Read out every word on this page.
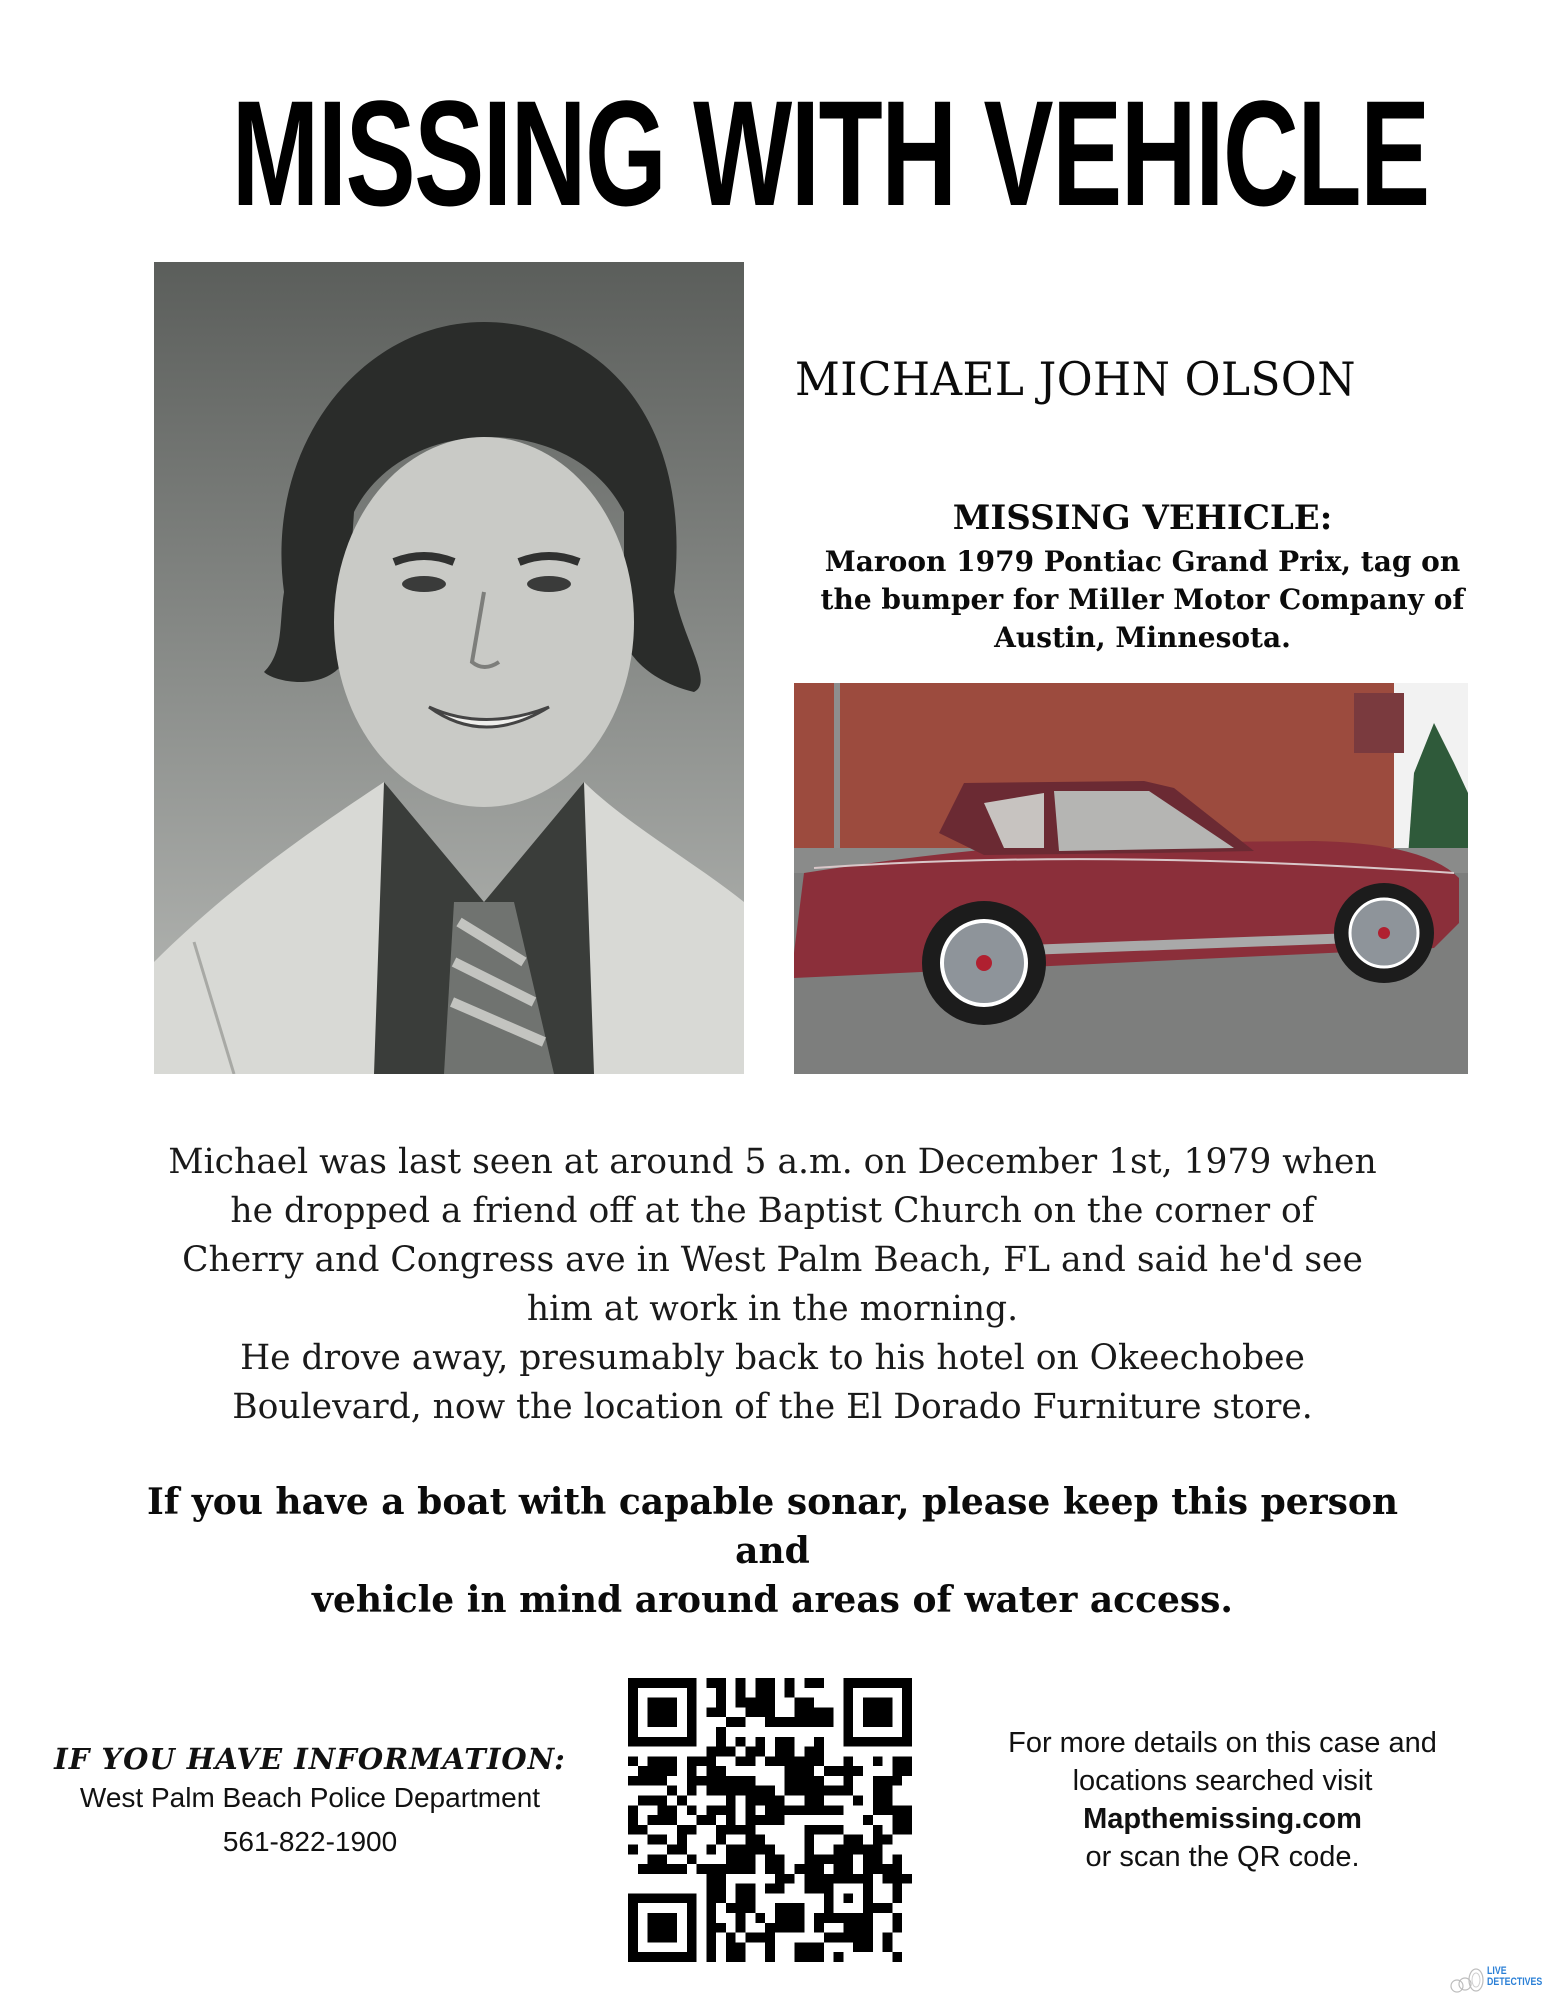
MISSING WITH VEHICLE
MICHAEL JOHN OLSON
MISSING VEHICLE:
Maroon 1979 Pontiac Grand Prix, tag on
the bumper for Miller Motor Company of
Austin, Minnesota.
Michael was last seen at around 5 a.m. on December 1st, 1979 when
he dropped a friend off at the Baptist Church on the corner of
Cherry and Congress ave in West Palm Beach, FL and said he'd see
him at work in the morning.
He drove away, presumably back to his hotel on Okeechobee
Boulevard, now the location of the El Dorado Furniture store.
If you have a boat with capable sonar, please keep this person and
vehicle in mind around areas of water access.
IF YOU HAVE INFORMATION:
West Palm Beach Police Department
561-822-1900
For more details on this case and
locations searched visit
Mapthemissing.com
or scan the QR code.
LIVE
DETECTIVES
